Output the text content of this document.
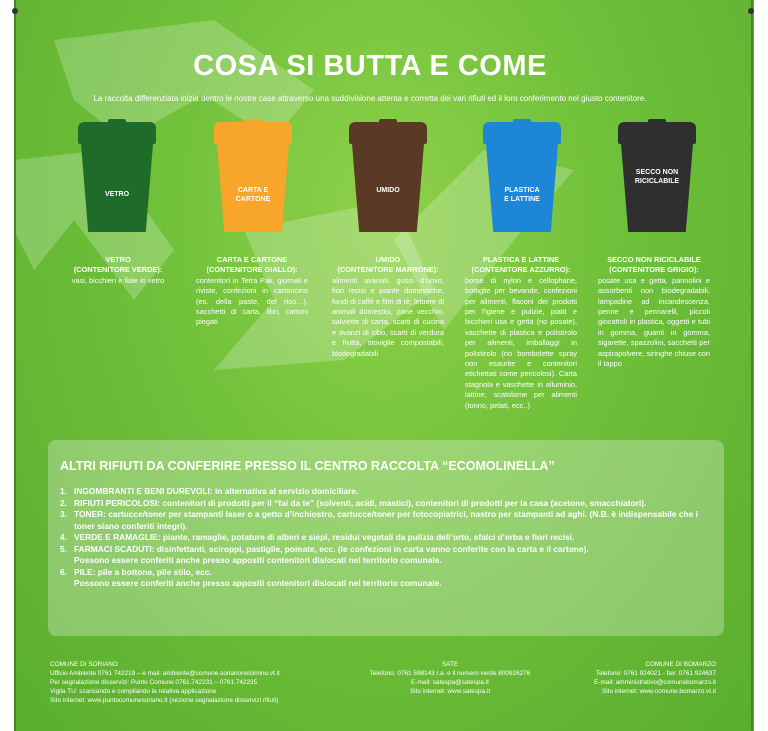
COSA SI BUTTA E COME
La raccolta differenziata inizia dentro le nostre case attraverso una suddivisione attenta e corretta dei vari rifiuti ed il loro conferimento nel giusto contenitore.
VETRO
CARTA E CARTONE
UMIDO	PLASTICA E LATTINE
SECCO NON RICICLABILE
VETRO
(CONTENITORE VERDE):
vasi, bicchieri e fiale in vetro
CARTA E CARTONE
(CONTENITORE GIALLO):
contenitori in Tetra Pak, giornali e riviste, confezioni in cartoncino (es. della paste, del riso…), sacchetti di carta, libri, cartoni piegati
UMIDO
(CONTENITORE MARRONE):
alimenti avariati, gusci d'uovo, fiori recisi e piante domestiche, fondi di caffè e filtri di tè, lettiere di animali domestici, pane vecchio, salviette di carta, scarti di cucina e avanzi di cibo, scarti di verdura e frutta, stoviglie compostabili, biodegradabili
PLASTICA E LATTINE
(CONTENITORE AZZURRO):
borse di nylon e cellophane, bottiglie per bevande, confezioni per alimenti, flaconi dei prodotti per l'igiene e pulizie, piatti e bicchieri usa e getta (no posate), vaschette di plastica e polistirolo per alimenti, imballaggi in polistirolo (no bombolette spray non esaurite e contenitori etichettati come pericolosi). Carta stagnola e vaschette in alluminio, lattine, scatolame per alimenti (tonno, pelati, ecc..)
SECCO NON RICICLABILE
(CONTENITORE GRIGIO):
posate usa e getta, pannolini e assorbenti non biodegradabili, lampadine ad incandescenza, penne e pennarelli, piccoli giocattoli in plastica, oggetti e tubi in gomma, guanti in gomma, sigarette, spazzolini, sacchetti per aspirapolvere, siringhe chiuse con il tappo
ALTRI RIFIUTI DA CONFERIRE PRESSO IL CENTRO RACCOLTA “ECOMOLINELLA”
1. INGOMBRANTI E BENI DUREVOLI: in alternativa al servizio domiciliare.
2. RIFIUTI PERICOLOSI: contenitori di prodotti per il “fai da te” (solventi, acidi, mastici), contenitori di prodotti per la casa (acetone, smacchiatori).
3. TONER: cartucce/toner per stampanti laser o a getto d’inchiostro, cartucce/toner per fotocopiatrici, nastro per stampanti ad aghi. (N.B. è indispensabile che i toner siano conferiti integri).
4. VERDE E RAMAGLIE: piante, ramaglie, potature di alberi e siepi, residui vegetali da pulizia dell’orto, sfalci d’erba e fiori recisi.
5. FARMACI SCADUTI: disinfettanti, sciroppi, pastiglie, pomate, ecc. (le confezioni in carta vanno conferite con la carta e il cartone).
Possono essere conferiti anche presso appositi contenitori dislocati nel territorio comunale.
6. PILE: pile a bottone, pile stilo, ecc.
Possono essere conferiti anche presso appositi contenitori dislocati nel territorio comunale.
COMUNE DI SORIANO
Ufficio Ambiente 0761 742219 – e mail: ambiente@comune.sorianonelcimino.vt.it
Per segnalazione disservizi: Punto Comune 0761.742231 – 0761.742235
Vigila TU: scaricando e compilando la relativa applicazione
Sito internet: www.puntocomunesoriano.it (sezione segnalazione disservizi rifiuti)
SATE
Telefono: 0761 598143 r.a. e il numero verde 800926276
E-mail: satespa@satespa.it
Sito internet: www.satespa.it
COMUNE DI BOMARZO
Telefono: 0761 924021 - fax: 0761 924637
E-mail: amministrativo@comunebomarzo.it
Sito internet: www.comune.bomarzo.vt.it
